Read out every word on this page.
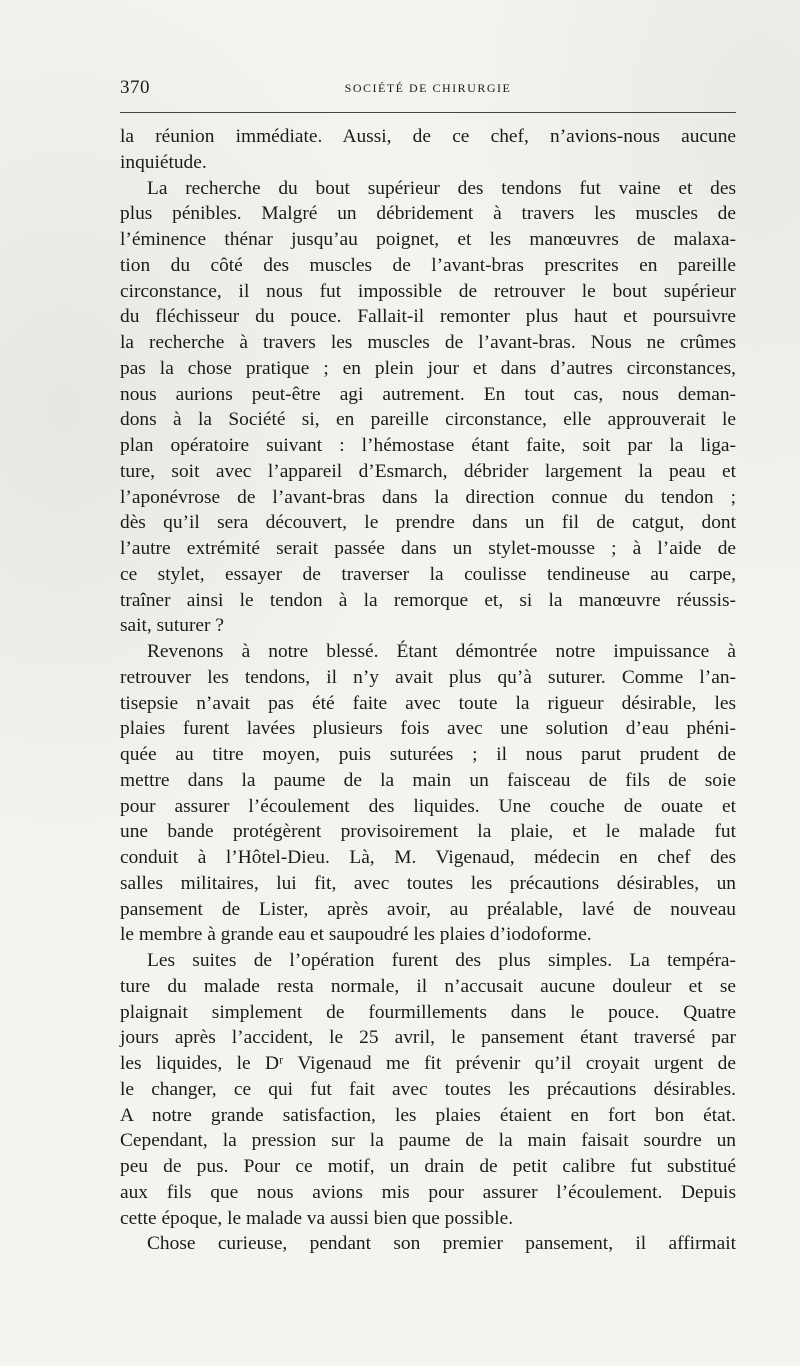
370	SOCIÉTÉ DE CHIRURGIE

la réunion immédiate. Aussi, de ce chef, n’avions-nous aucune
inquiétude.

La recherche du bout supérieur des tendons fut vaine et des
plus pénibles. Malgré un débridement à travers les muscles de
l’éminence thénar jusqu’au poignet, et les manœuvres de malaxa-
tion du côté des muscles de l’avant-bras prescrites en pareille
circonstance, il nous fut impossible de retrouver le bout supérieur
du fléchisseur du pouce. Fallait-il remonter plus haut et poursuivre
la recherche à travers les muscles de l’avant-bras. Nous ne crûmes
pas la chose pratique ; en plein jour et dans d’autres circonstances,
nous aurions peut-être agi autrement. En tout cas, nous deman-
dons à la Société si, en pareille circonstance, elle approuverait le
plan opératoire suivant : l’hémostase étant faite, soit par la liga-
ture, soit avec l’appareil d’Esmarch, débrider largement la peau et
l’aponévrose de l’avant-bras dans la direction connue du tendon ;
dès qu’il sera découvert, le prendre dans un fil de catgut, dont
l’autre extrémité serait passée dans un stylet-mousse ; à l’aide de
ce stylet, essayer de traverser la coulisse tendineuse au carpe,
traîner ainsi le tendon à la remorque et, si la manœuvre réussis-
sait, suturer ?

Revenons à notre blessé. Étant démontrée notre impuissance à
retrouver les tendons, il n’y avait plus qu’à suturer. Comme l’an-
tisepsie n’avait pas été faite avec toute la rigueur désirable, les
plaies furent lavées plusieurs fois avec une solution d’eau phéni-
quée au titre moyen, puis suturées ; il nous parut prudent de
mettre dans la paume de la main un faisceau de fils de soie
pour assurer l’écoulement des liquides. Une couche de ouate et
une bande protégèrent provisoirement la plaie, et le malade fut
conduit à l’Hôtel-Dieu. Là, M. Vigenaud, médecin en chef des
salles militaires, lui fit, avec toutes les précautions désirables, un
pansement de Lister, après avoir, au préalable, lavé de nouveau
le membre à grande eau et saupoudré les plaies d’iodoforme.

Les suites de l’opération furent des plus simples. La tempéra-
ture du malade resta normale, il n’accusait aucune douleur et se
plaignait simplement de fourmillements dans le pouce. Quatre
jours après l’accident, le 25 avril, le pansement étant traversé par
les liquides, le Dʳ Vigenaud me fit prévenir qu’il croyait urgent de
le changer, ce qui fut fait avec toutes les précautions désirables.
A notre grande satisfaction, les plaies étaient en fort bon état.
Cependant, la pression sur la paume de la main faisait sourdre un
peu de pus. Pour ce motif, un drain de petit calibre fut substitué
aux fils que nous avions mis pour assurer l’écoulement. Depuis
cette époque, le malade va aussi bien que possible.

Chose curieuse, pendant son premier pansement, il affirmait
